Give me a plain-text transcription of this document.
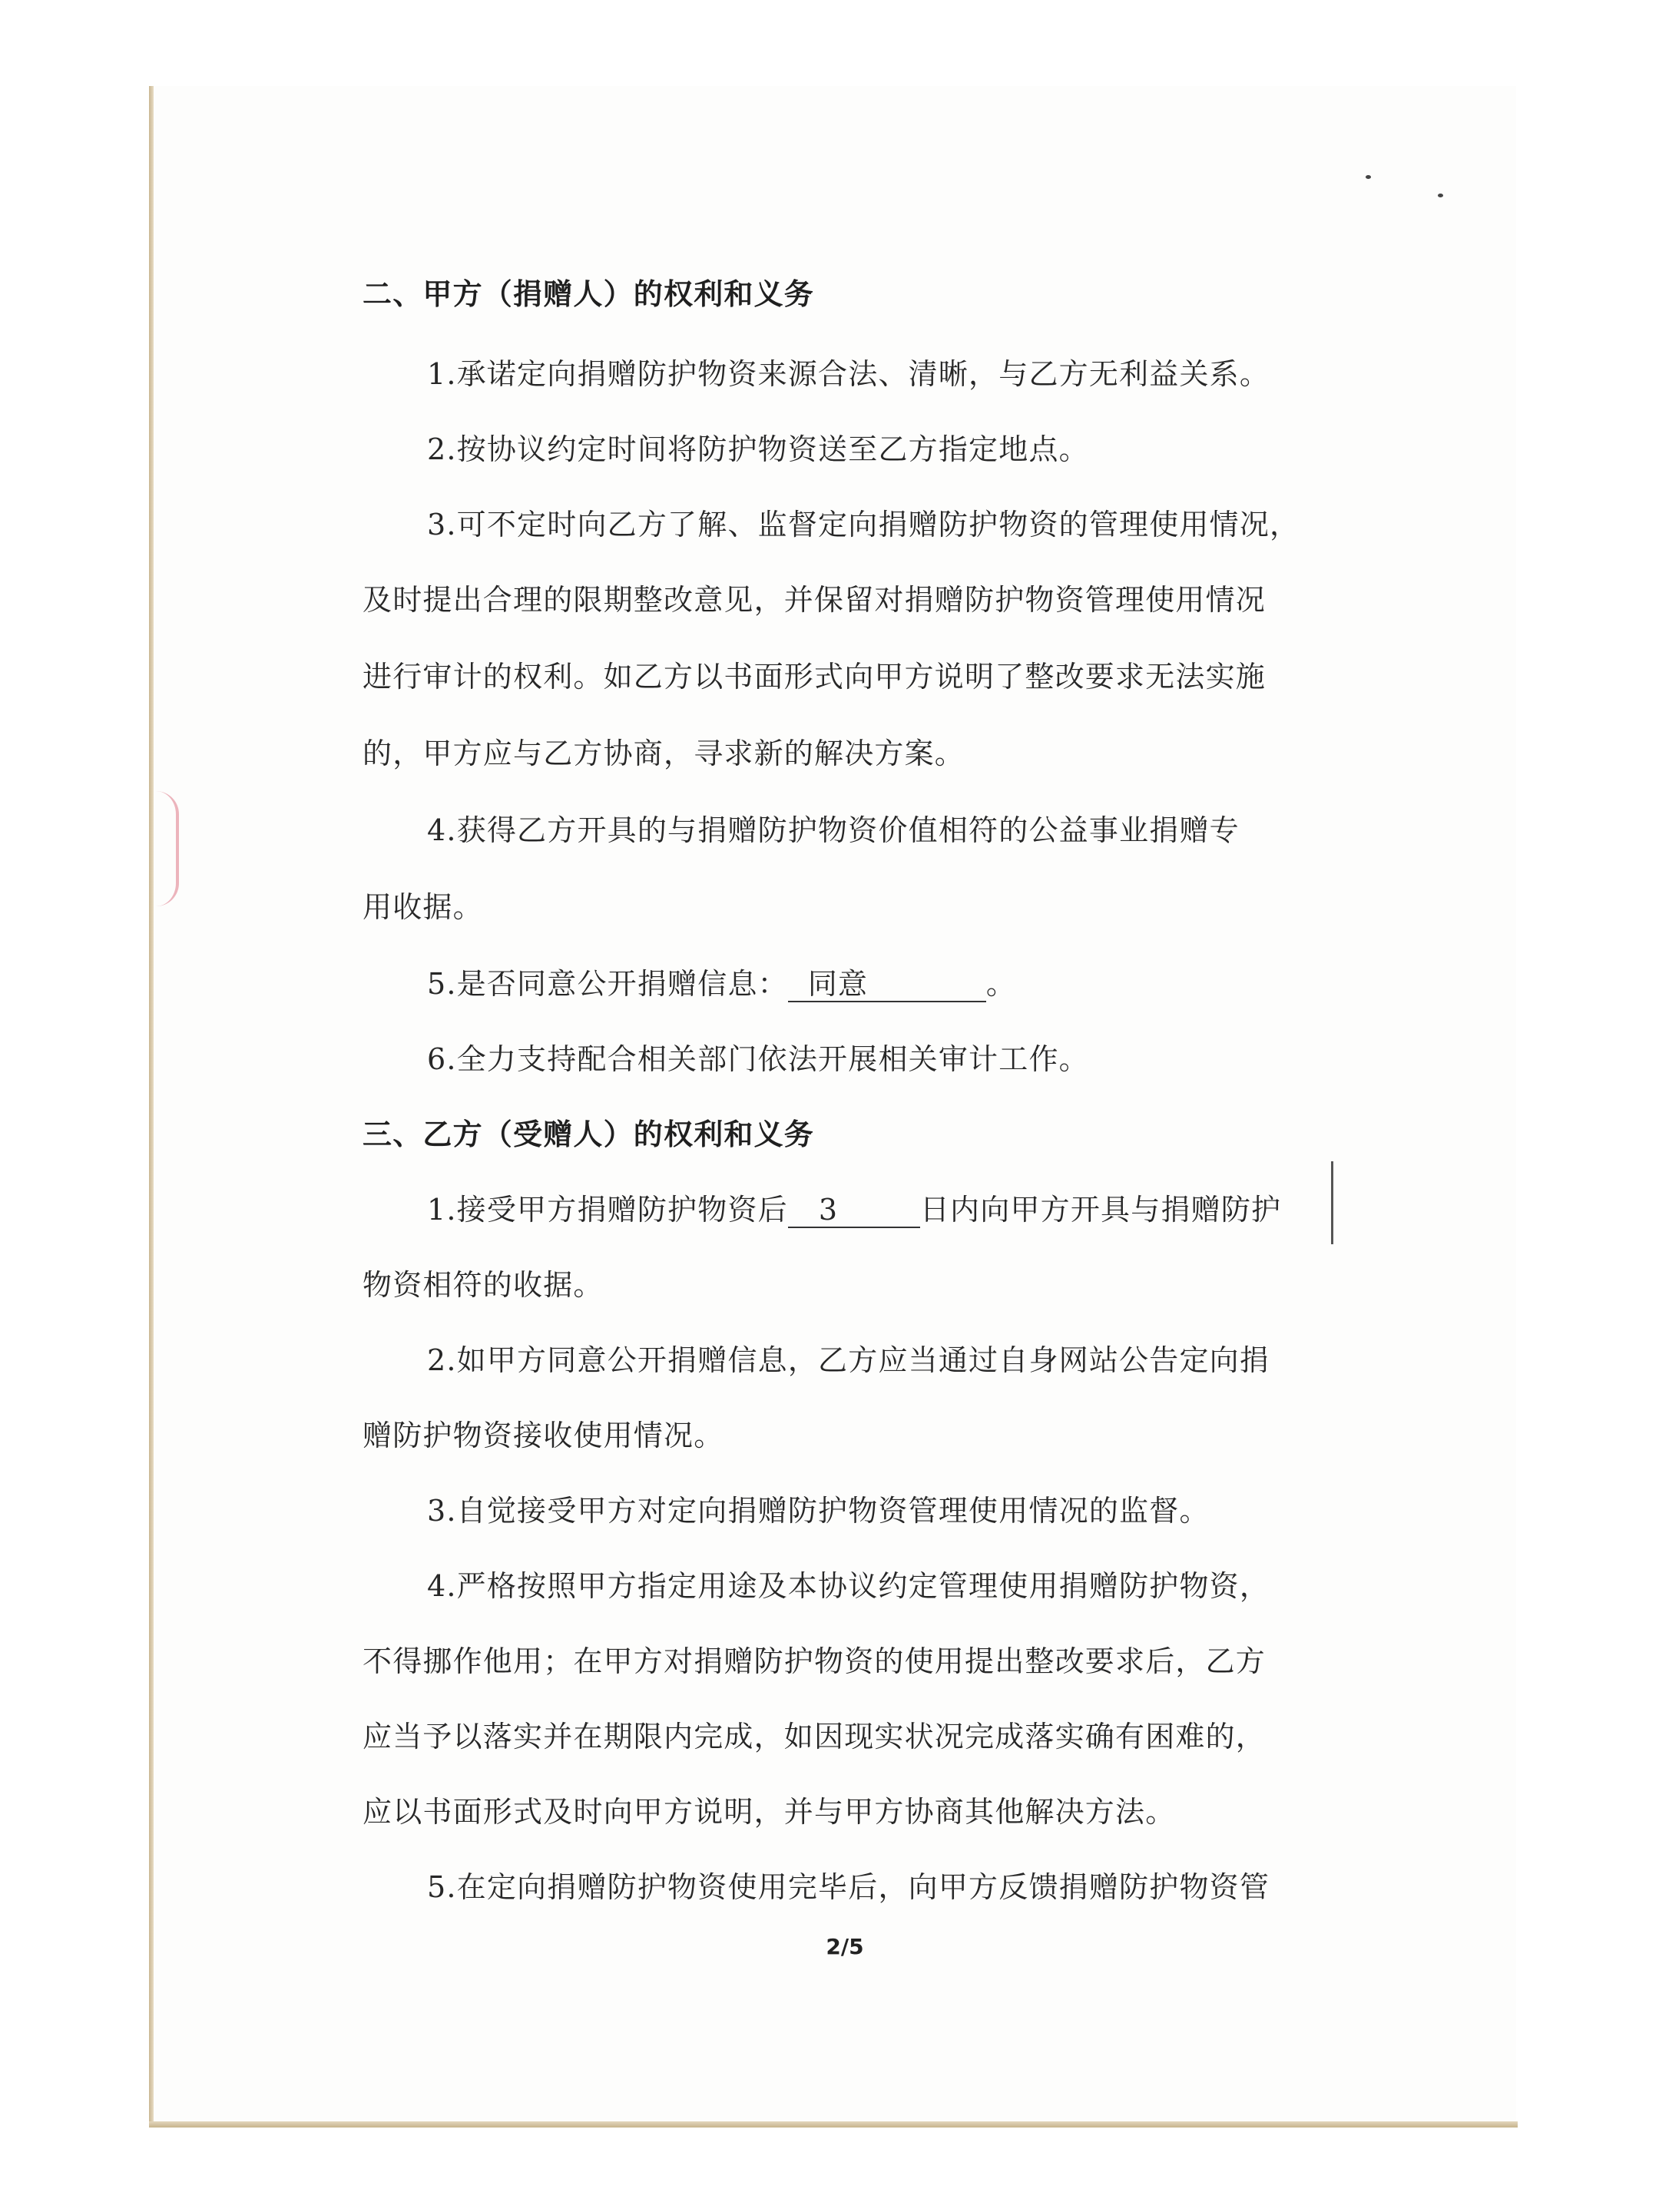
二、甲方（捐赠人）的权利和义务
1.承诺定向捐赠防护物资来源合法、清晰，与乙方无利益关系。
2.按协议约定时间将防护物资送至乙方指定地点。
3.可不定时向乙方了解、监督定向捐赠防护物资的管理使用情况，
及时提出合理的限期整改意见，并保留对捐赠防护物资管理使用情况
进行审计的权利。如乙方以书面形式向甲方说明了整改要求无法实施
的，甲方应与乙方协商，寻求新的解决方案。
4.获得乙方开具的与捐赠防护物资价值相符的公益事业捐赠专
用收据。
5.是否同意公开捐赠信息： 同意	。
6.全力支持配合相关部门依法开展相关审计工作。
三、乙方（受赠人）的权利和义务
1.接受甲方捐赠防护物资后 3	日内向甲方开具与捐赠防护
物资相符的收据。
2.如甲方同意公开捐赠信息，乙方应当通过自身网站公告定向捐
赠防护物资接收使用情况。
3.自觉接受甲方对定向捐赠防护物资管理使用情况的监督。
4.严格按照甲方指定用途及本协议约定管理使用捐赠防护物资，
不得挪作他用；在甲方对捐赠防护物资的使用提出整改要求后，乙方
应当予以落实并在期限内完成，如因现实状况完成落实确有困难的，
应以书面形式及时向甲方说明，并与甲方协商其他解决方法。
5.在定向捐赠防护物资使用完毕后，向甲方反馈捐赠防护物资管
2/5
